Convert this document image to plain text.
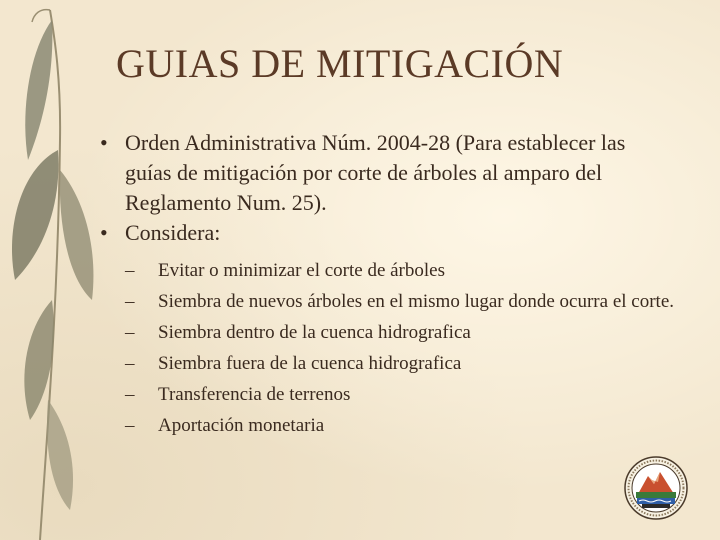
GUIAS DE MITIGACIÓN
• Orden Administrativa Núm. 2004-28 (Para establecer las guías de mitigación por corte de árboles al amparo del Reglamento Num. 25).
• Considera:
– Evitar o minimizar el corte de árboles
– Siembra de nuevos árboles en el mismo lugar donde ocurra el corte.
– Siembra dentro de la cuenca hidrografica
– Siembra fuera de la cuenca hidrografica
– Transferencia de terrenos
– Aportación monetaria
